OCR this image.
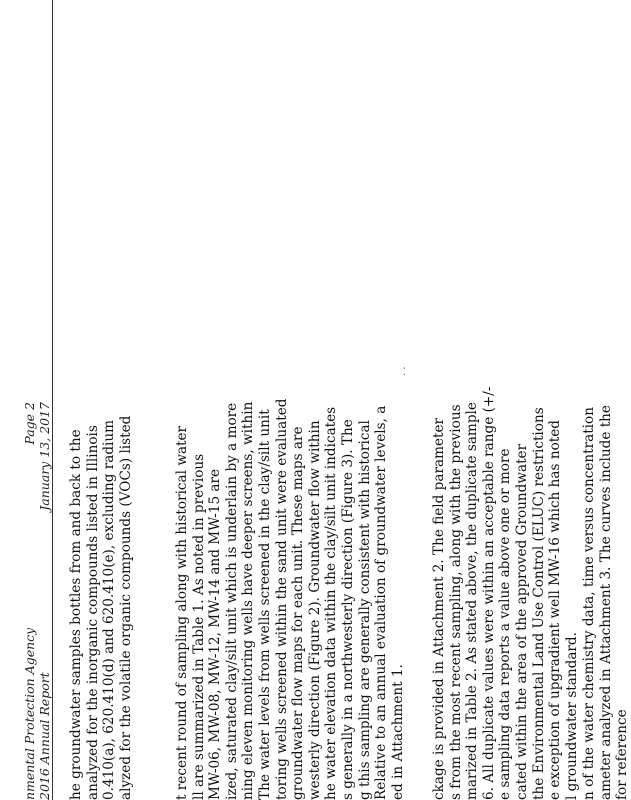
nmental Protection Agency 2016 Annual Report
Page 2 January 13, 2017
· ·
he groundwater samples bottles from and back to the analyzed for the inorganic compounds listed in Illinois 0.410(a), 620.410(d) and 620.410(e), excluding radium alyzed for the volatile organic compounds (VOCs) listed	t recent round of sampling along with historical water ll are summarized in Table 1. As noted in previous MW-06, MW-08, MW-12, MW-14 and MW-15 are ized, saturated clay/silt unit which is underlain by a more ning eleven monitoring wells have deeper screens, within The water levels from wells screened in the clay/silt unit toring wells screened within the sand unit were evaluated groundwater flow maps for each unit. These maps are westerly direction (Figure 2). Groundwater flow within he water elevation data within the clay/silt unit indicates s generally in a northwesterly direction (Figure 3). The g this sampling are generally consistent with historical Relative to an annual evaluation of groundwater levels, a ed in Attachment 1. ckage is provided in Attachment 2. The field parameter s from the most recent sampling, along with the previous marized in Table 2. As stated above, the duplicate sample 6. All duplicate values were within an acceptable range (+/- e sampling data reports a value above one or more cated within the area of the approved Groundwater the Environmental Land Use Control (ELUC) restrictions e exception of upgradient well MW-16 which has noted l groundwater standard. n of the water chemistry data, time versus concentration ameter analyzed in Attachment 3. The curves include the for reference
